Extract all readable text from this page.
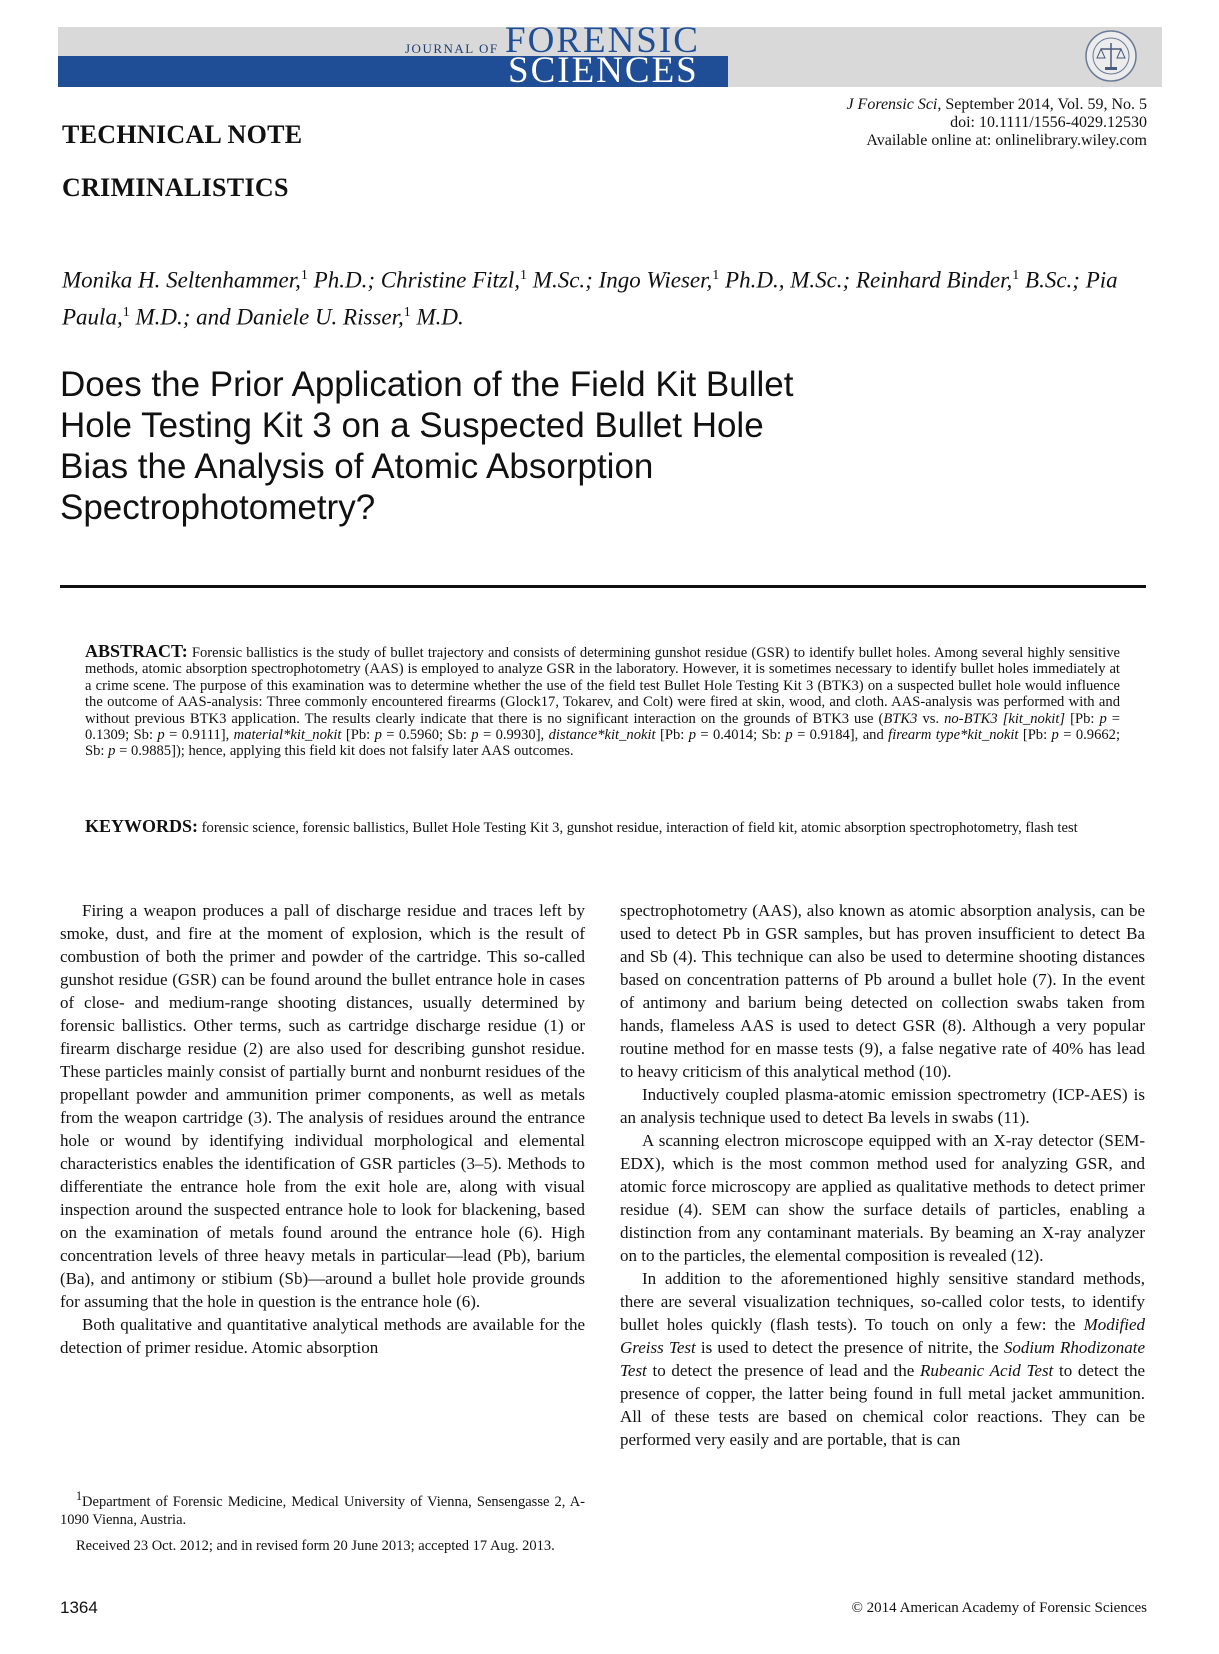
JOURNAL OF FORENSIC
SCIENCES
J Forensic Sci, September 2014, Vol. 59, No. 5
doi: 10.1111/1556-4029.12530
Available online at: onlinelibrary.wiley.com
TECHNICAL NOTE
CRIMINALISTICS
Monika H. Seltenhammer,$^1$ Ph.D.; Christine Fitzl,$^1$ M.Sc.; Ingo Wieser,$^1$ Ph.D., M.Sc.; Reinhard Binder,$^1$ B.Sc.; Pia Paula,$^1$ M.D.; and Daniele U. Risser,$^1$ M.D.
Does the Prior Application of the Field Kit Bullet Hole Testing Kit 3 on a Suspected Bullet Hole Bias the Analysis of Atomic Absorption Spectrophotometry?
ABSTRACT: Forensic ballistics is the study of bullet trajectory and consists of determining gunshot residue (GSR) to identify bullet holes. Among several highly sensitive methods, atomic absorption spectrophotometry (AAS) is employed to analyze GSR in the laboratory. However, it is sometimes necessary to identify bullet holes immediately at a crime scene. The purpose of this examination was to determine whether the use of the field test Bullet Hole Testing Kit 3 (BTK3) on a suspected bullet hole would influence the outcome of AAS-analysis: Three commonly encountered firearms (Glock17, Tokarev, and Colt) were fired at skin, wood, and cloth. AAS-analysis was performed with and without previous BTK3 application. The results clearly indicate that there is no significant interaction on the grounds of BTK3 use (BTK3 vs. no-BTK3 [kit_nokit] [Pb: p = 0.1309; Sb: p = 0.9111], material*kit_nokit [Pb: p = 0.5960; Sb: p = 0.9930], distance*kit_nokit [Pb: p = 0.4014; Sb: p = 0.9184], and firearm type*kit_nokit [Pb: p = 0.9662; Sb: p = 0.9885]); hence, applying this field kit does not falsify later AAS outcomes.
KEYWORDS: forensic science, forensic ballistics, Bullet Hole Testing Kit 3, gunshot residue, interaction of field kit, atomic absorption spectrophotometry, flash test

Firing a weapon produces a pall of discharge residue and traces left by smoke, dust, and fire at the moment of explosion, which is the result of combustion of both the primer and powder of the cartridge. This so-called gunshot residue (GSR) can be found around the bullet entrance hole in cases of close- and medium-range shooting distances, usually determined by forensic ballistics. Other terms, such as cartridge discharge residue (1) or firearm discharge residue (2) are also used for describing gunshot residue. These particles mainly consist of partially burnt and nonburnt residues of the propellant powder and ammunition primer components, as well as metals from the weapon cartridge (3). The analysis of residues around the entrance hole or wound by identifying individual morphological and elemental characteristics enables the identification of GSR particles (3–5). Methods to differentiate the entrance hole from the exit hole are, along with visual inspection around the suspected entrance hole to look for blackening, based on the examination of metals found around the entrance hole (6). High concentration levels of three heavy metals in particular—lead (Pb), barium (Ba), and antimony or stibium (Sb)—around a bullet hole provide grounds for assuming that the hole in question is the entrance hole (6).

Both qualitative and quantitative analytical methods are available for the detection of primer residue. Atomic absorption

spectrophotometry (AAS), also known as atomic absorption analysis, can be used to detect Pb in GSR samples, but has proven insufficient to detect Ba and Sb (4). This technique can also be used to determine shooting distances based on concentration patterns of Pb around a bullet hole (7). In the event of antimony and barium being detected on collection swabs taken from hands, flameless AAS is used to detect GSR (8). Although a very popular routine method for en masse tests (9), a false negative rate of 40% has lead to heavy criticism of this analytical method (10).

Inductively coupled plasma-atomic emission spectrometry (ICP-AES) is an analysis technique used to detect Ba levels in swabs (11).

A scanning electron microscope equipped with an X-ray detector (SEM-EDX), which is the most common method used for analyzing GSR, and atomic force microscopy are applied as qualitative methods to detect primer residue (4). SEM can show the surface details of particles, enabling a distinction from any contaminant materials. By beaming an X-ray analyzer on to the particles, the elemental composition is revealed (12).

In addition to the aforementioned highly sensitive standard methods, there are several visualization techniques, so-called color tests, to identify bullet holes quickly (flash tests). To touch on only a few: the Modified Greiss Test is used to detect the presence of nitrite, the Sodium Rhodizonate Test to detect the presence of lead and the Rubeanic Acid Test to detect the presence of copper, the latter being found in full metal jacket ammunition. All of these tests are based on chemical color reactions. They can be performed very easily and are portable, that is can

$^1$Department of Forensic Medicine, Medical University of Vienna, Sensengasse 2, A-1090 Vienna, Austria.

Received 23 Oct. 2012; and in revised form 20 June 2013; accepted 17 Aug. 2013.

1364	© 2014 American Academy of Forensic Sciences
